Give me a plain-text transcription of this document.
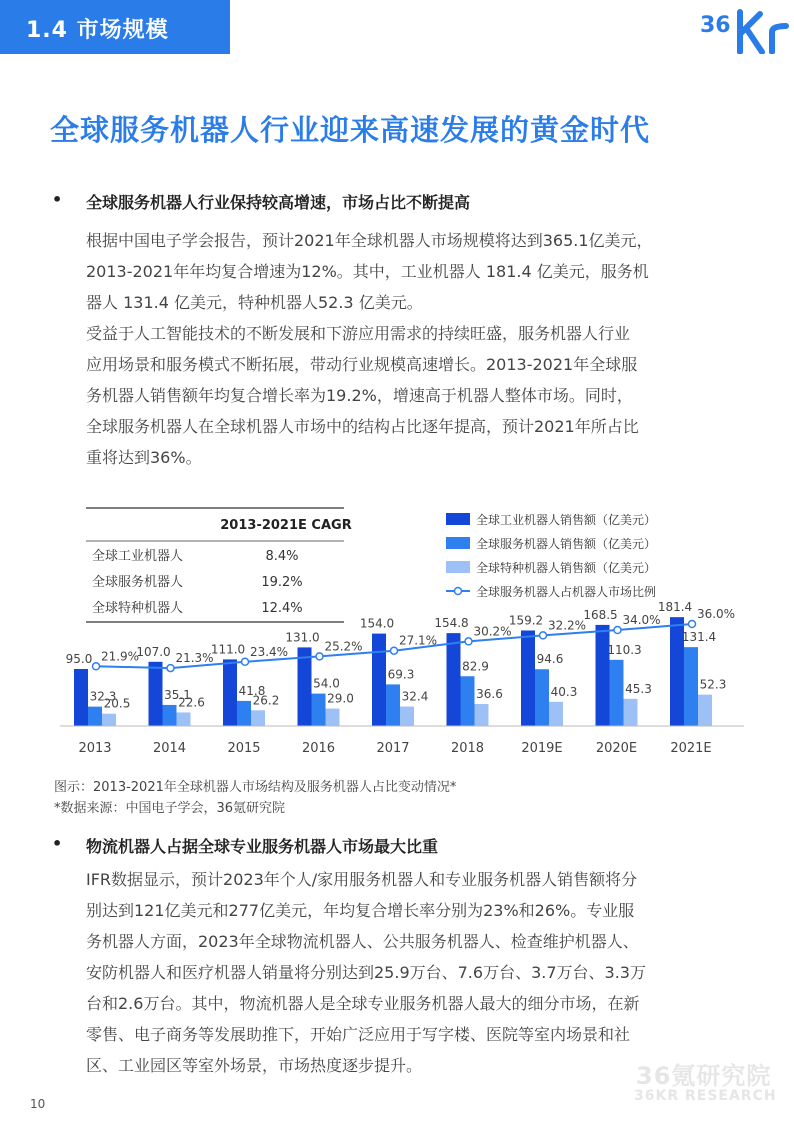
1.4 市场规模	36
全球服务机器人行业迎来高速发展的黄金时代
• 全球服务机器人行业保持较高增速，市场占比不断提高

根据中国电子学会报告，预计2021年全球机器人市场规模将达到365.1亿美元，

2013-2021年年均复合增速为12%。其中，工业机器人 181.4 亿美元，服务机

器人 131.4 亿美元，特种机器人52.3 亿美元。

受益于人工智能技术的不断发展和下游应用需求的持续旺盛，服务机器人行业

应用场景和服务模式不断拓展，带动行业规模高速增长。2013-2021年全球服

务机器人销售额年均复合增长率为19.2%，增速高于机器人整体市场。同时，

全球服务机器人在全球机器人市场中的结构占比逐年提高，预计2021年所占比

重将达到36%。

2013-2021E CAGR
全球工业机器人	8.4%
全球服务机器人	19.2%
全球特种机器人	12.4%
全球工业机器人销售额（亿美元）
全球服务机器人销售额（亿美元）
全球特种机器人销售额（亿美元）
全球服务机器人占机器人市场比例
95.0
32.3
20.5
2013
107.0
35.1
22.6
2014
111.0
41.8
26.2
2015
131.0
54.0
29.0
2016
154.0
69.3
32.4
2017
154.8
82.9
36.6
2018
159.2
94.6
40.3
2019E
168.5
110.3
45.3
2020E
181.4
131.4
52.3
2021E
21.9%	21.3%	23.4%	25.2%	27.1%
30.2%	32.2%	34.0%	36.0%
图示：2013-2021年全球机器人市场结构及服务机器人占比变动情况*
*数据来源：中国电子学会，36氪研究院
• 物流机器人占据全球专业服务机器人市场最大比重

IFR数据显示，预计2023年个人/家用服务机器人和专业服务机器人销售额将分

别达到121亿美元和277亿美元，年均复合增长率分别为23%和26%。专业服

务机器人方面，2023年全球物流机器人、公共服务机器人、检查维护机器人、

安防机器人和医疗机器人销量将分别达到25.9万台、7.6万台、3.7万台、3.3万

台和2.6万台。其中，物流机器人是全球专业服务机器人最大的细分市场，在新

零售、电子商务等发展助推下，开始广泛应用于写字楼、医院等室内场景和社

区、工业园区等室外场景，市场热度逐步提升。	36氪研究院
36KR RESEARCH
10
